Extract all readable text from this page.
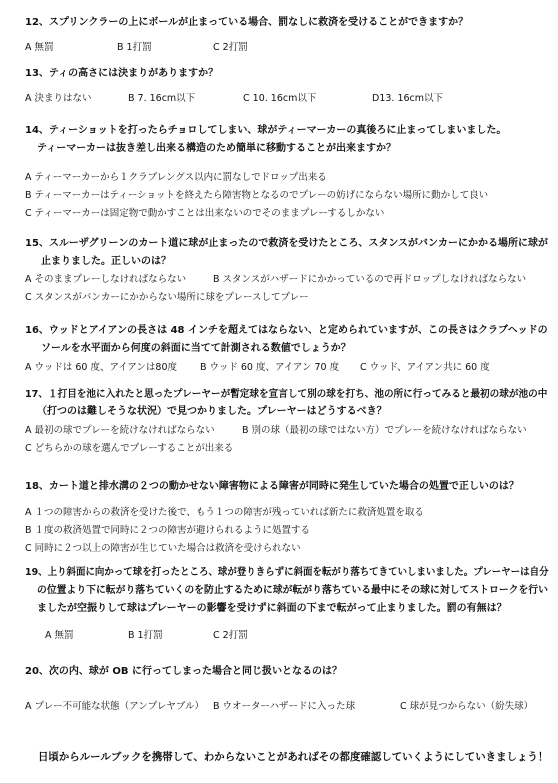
12、スプリンクラーの上にボールが止まっている場合、罰なしに救済を受けることができますか？
A 無罰	B 1打罰	C 2打罰
13、ティの高さには決まりがありますか？
A 決まりはない	B 7. 16cm以下	C 10. 16cm以下	D13. 16cm以下
14、ティーショットを打ったらチョロしてしまい、球がティーマーカーの真後ろに止まってしまいました。
ティーマーカーは抜き差し出来る構造のため簡単に移動することが出来ますか？
A ティーマーカーから１クラブレングス以内に罰なしでドロップ出来る
B ティーマーカーはティーショットを終えたら障害物となるのでプレーの妨げにならない場所に動かして良い
C ティーマーカーは固定物で動かすことは出来ないのでそのままプレーするしかない
15、スルーザグリーンのカート道に球が止まったので救済を受けたところ、スタンスがバンカーにかかる場所に球が
止まりました。正しいのは？
A そのままプレーしなければならない	B スタンスがハザードにかかっているので再ドロップしなければならない
C スタンスがバンカーにかからない場所に球をプレースしてプレー
16、ウッドとアイアンの長さは 48 インチを超えてはならない、と定められていますが、この長さはクラブヘッドの
ソールを水平面から何度の斜面に当てて計測される数値でしょうか？
A ウッドは 60 度、アイアンは80度 B ウッド 60 度、アイアン 70 度 C ウッド、アイアン共に 60 度
17、１打目を池に入れたと思ったプレーヤーが暫定球を宣言して別の球を打ち、池の所に行ってみると最初の球が池の中
（打つのは難しそうな状況）で見つかりました。プレーヤーはどうするべき？
A 最初の球でプレーを続けなければならない	B 別の球（最初の球ではない方）でプレーを続けなければならない
C どちらかの球を選んでプレーすることが出来る
18、カート道と排水溝の２つの動かせない障害物による障害が同時に発生していた場合の処置で正しいのは？
A １つの障害からの救済を受けた後で、もう１つの障害が残っていれば新たに救済処置を取る
B １度の救済処置で同時に２つの障害が避けられるように処置する
C 同時に２つ以上の障害が生じていた場合は救済を受けられない
19、上り斜面に向かって球を打ったところ、球が登りきらずに斜面を転がり落ちてきていしまいました。プレーヤーは自分
の位置より下に転がり落ちていくのを防止するために球が転がり落ちている最中にその球に対してストロークを行い
ましたが空振りして球はプレーヤーの影響を受けずに斜面の下まで転がって止まりました。罰の有無は？
A 無罰	B 1打罰	C 2打罰
20、次の内、球が OB に行ってしまった場合と同じ扱いとなるのは？
A プレー不可能な状態（アンプレヤブル） B ウオーターハザードに入った球	C 球が見つからない（紛失球）
日頃からルールブックを携帯して、わからないことがあればその都度確認していくようにしていきましょう！
